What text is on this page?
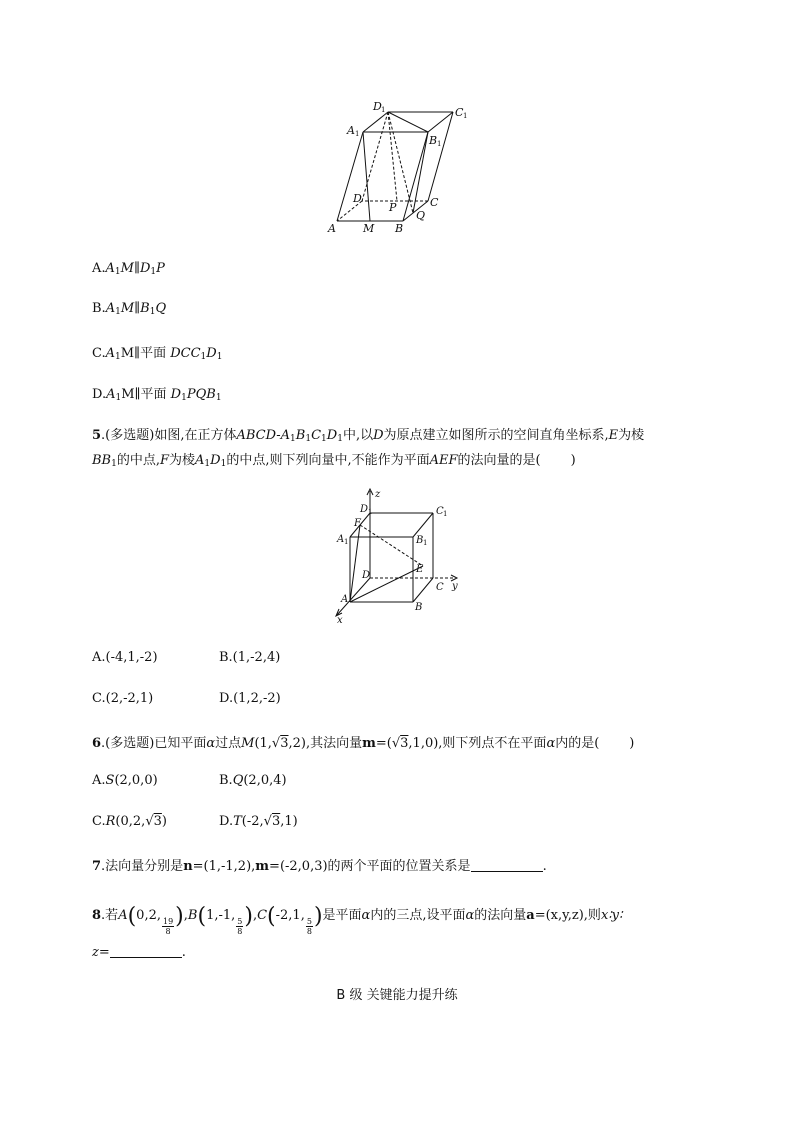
D 1	C 1
A 1	B 1
D
P	C
Q
A M B
$A.A_1M\parallel D_1P$
$B.A_1M\parallel B_1Q$
$C.A_1M\parallel$平面 $DCC_1D_1$
$D.A_1M\parallel$平面 $D_1PQB_1$
5.(多选题)如图,在正方体ABCD-$A_1B_1C_1D_1$中,以D为原点建立如图所示的空间直角坐标系,E为棱
$BB_1$的中点,F为棱$A_1D_1$的中点,则下列向量中,不能作为平面AEF的法向量的是( )
z
D 1	C 1
F
A 1	B 1
D
E
C y
A
B
x
A.(-4,1,-2)	B.(1,-2,4)
C.(2,-2,1)	D.(1,2,-2)
6.(多选题)已知平面α过点M(1,√3,2),其法向量m=(√3,1,0),则下列点不在平面α内的是( )
A.S(2,0,0)	B.Q(2,0,4)
C.R(0,2,√3)	D.T(-2,√3,1)
7.法向量分别是n=(1,-1,2),m=(-2,0,3)的两个平面的位置关系是	.
8.若A(0,2,
$\frac{19}{8} ),B(1,-1$,
$\frac{5}{8} ),C(-2,1$,
$\frac{5}{8}$ )是平面α内的三点,设平面α的法向量a=(x,y,z),则x∶y∶
z=	.
B 级 关键能力提升练
